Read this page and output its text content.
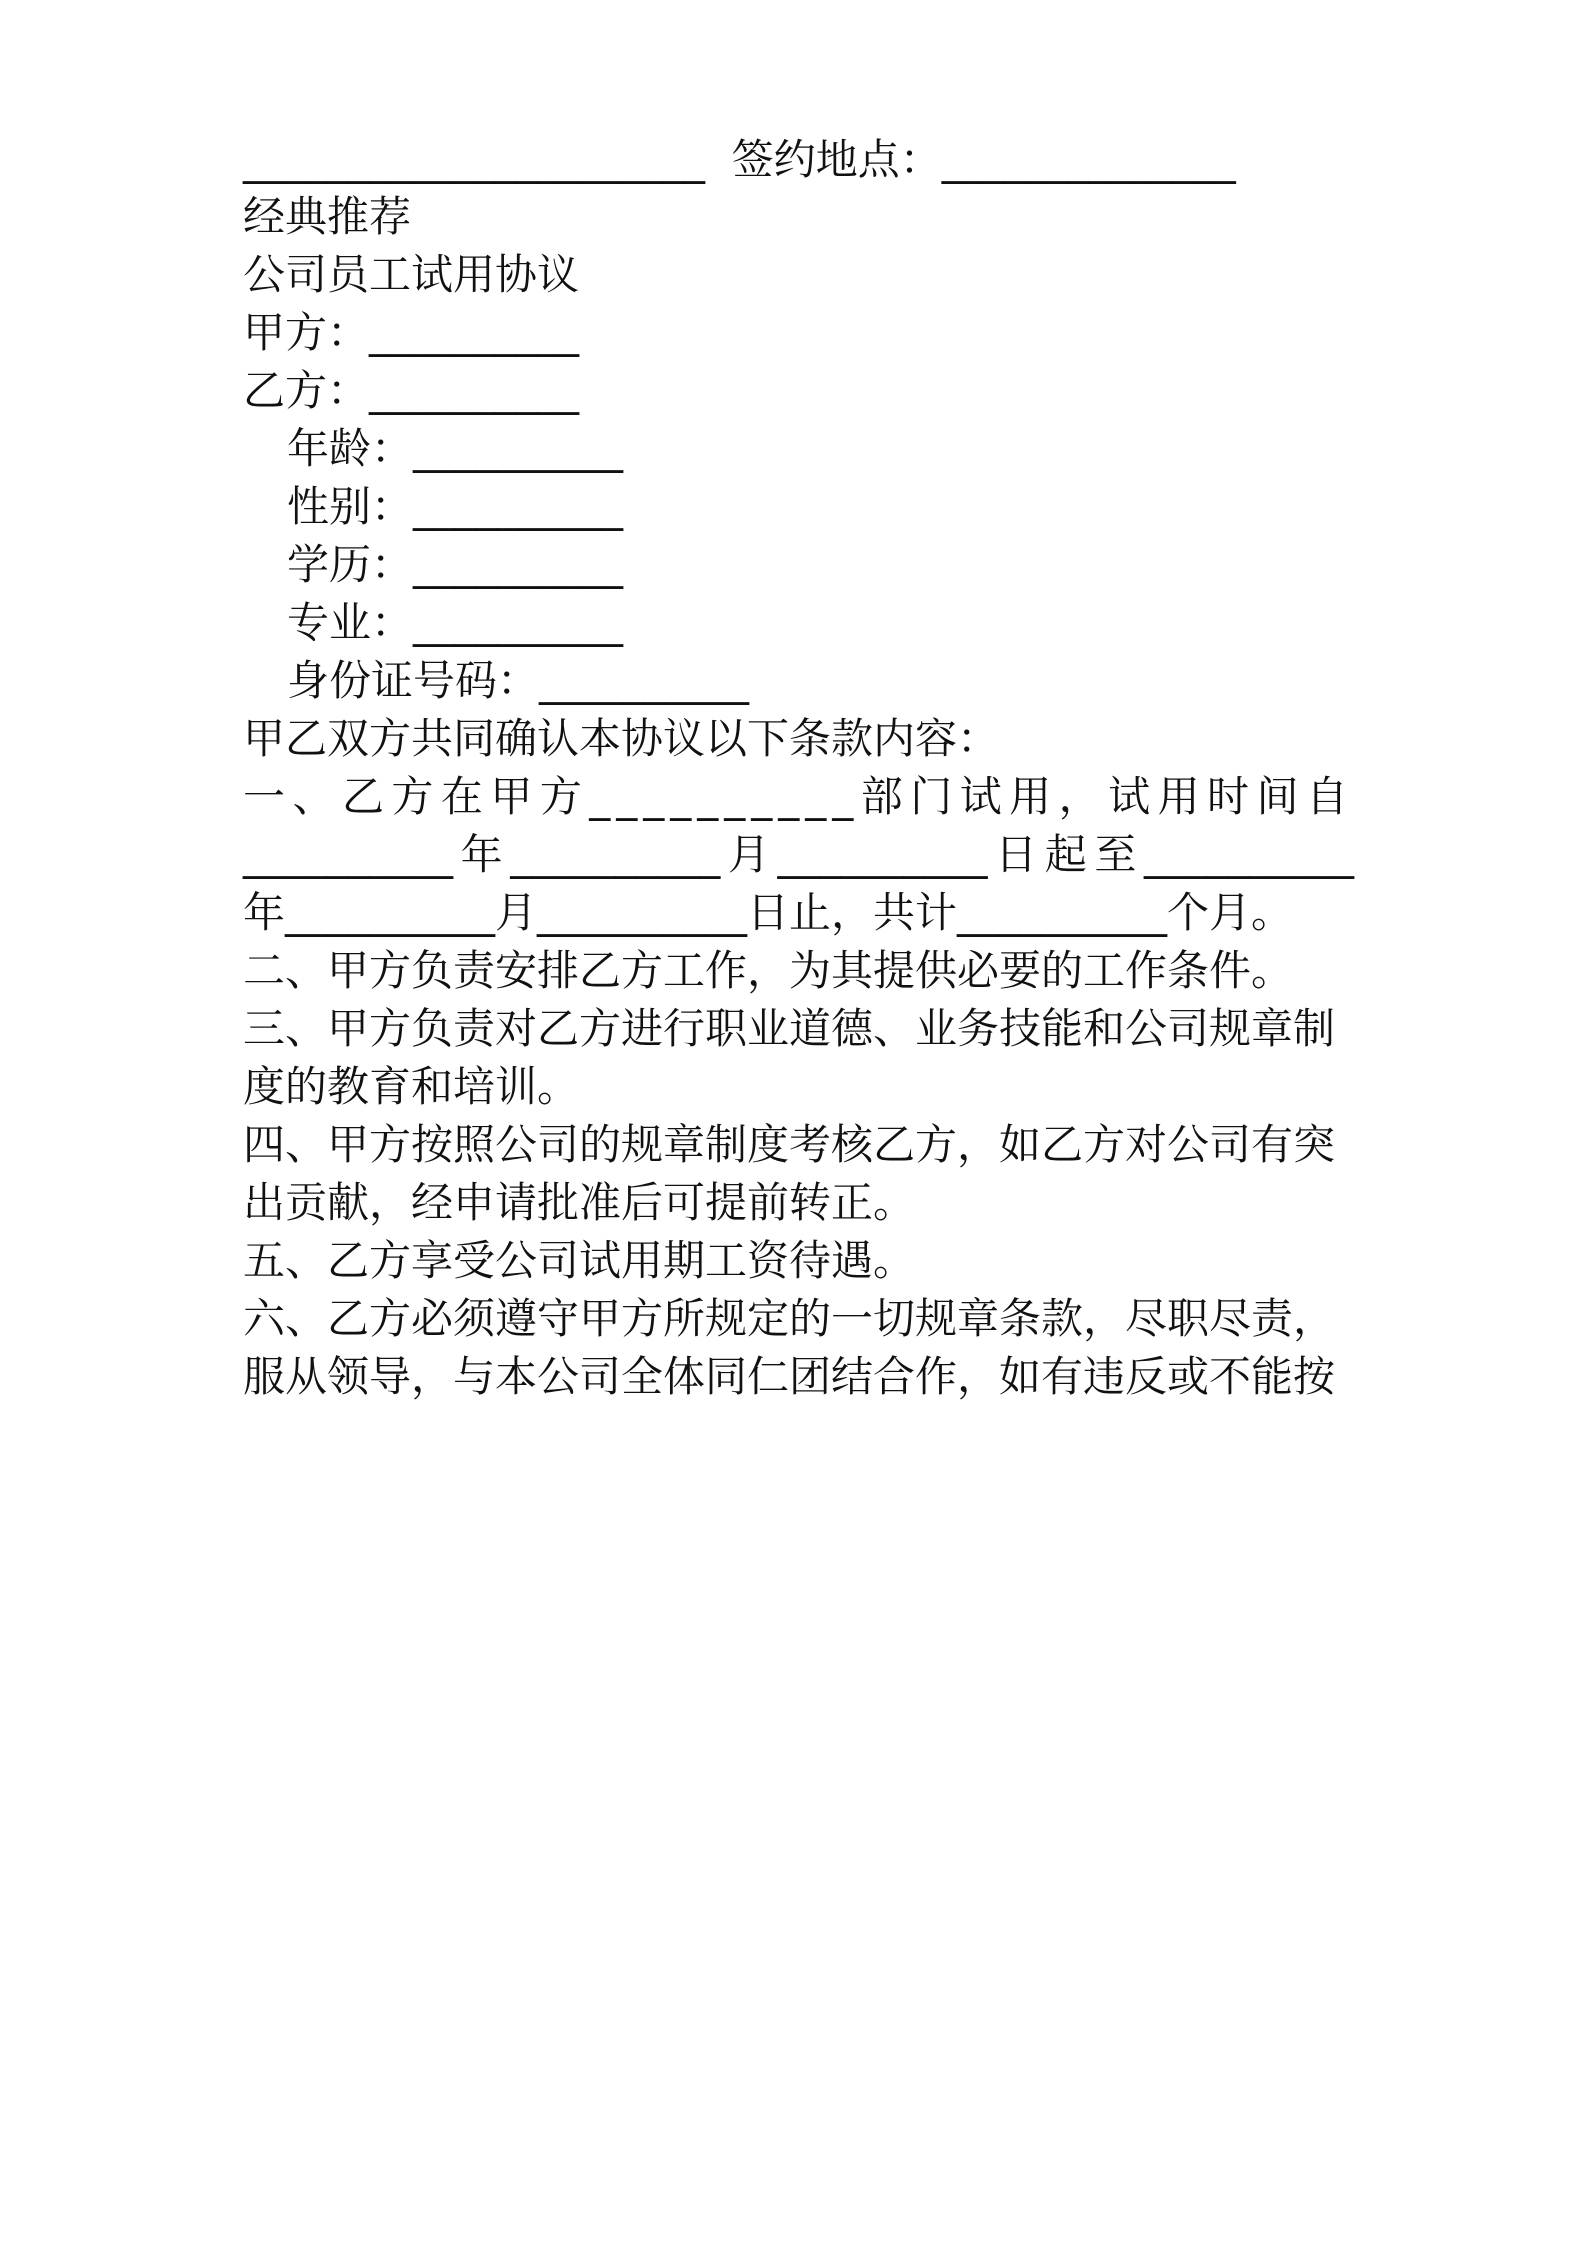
______________________  签约地点：______________

经典推荐

公司员工试用协议

甲方：__________

乙方：__________

年龄：__________

性别：__________

学历：__________

专业：__________

身份证号码：__________

甲乙双方共同确认本协议以下条款内容：

一、乙方在甲方__________部门试用，试用时间自

__________年__________月__________日起至__________

年__________月__________日止，共计__________个月。

二、甲方负责安排乙方工作，为其提供必要的工作条件。

三、甲方负责对乙方进行职业道德、业务技能和公司规章制

度的教育和培训。

四、甲方按照公司的规章制度考核乙方，如乙方对公司有突

出贡献，经申请批准后可提前转正。

五、乙方享受公司试用期工资待遇。

六、乙方必须遵守甲方所规定的一切规章条款，尽职尽责，

服从领导，与本公司全体同仁团结合作，如有违反或不能按
